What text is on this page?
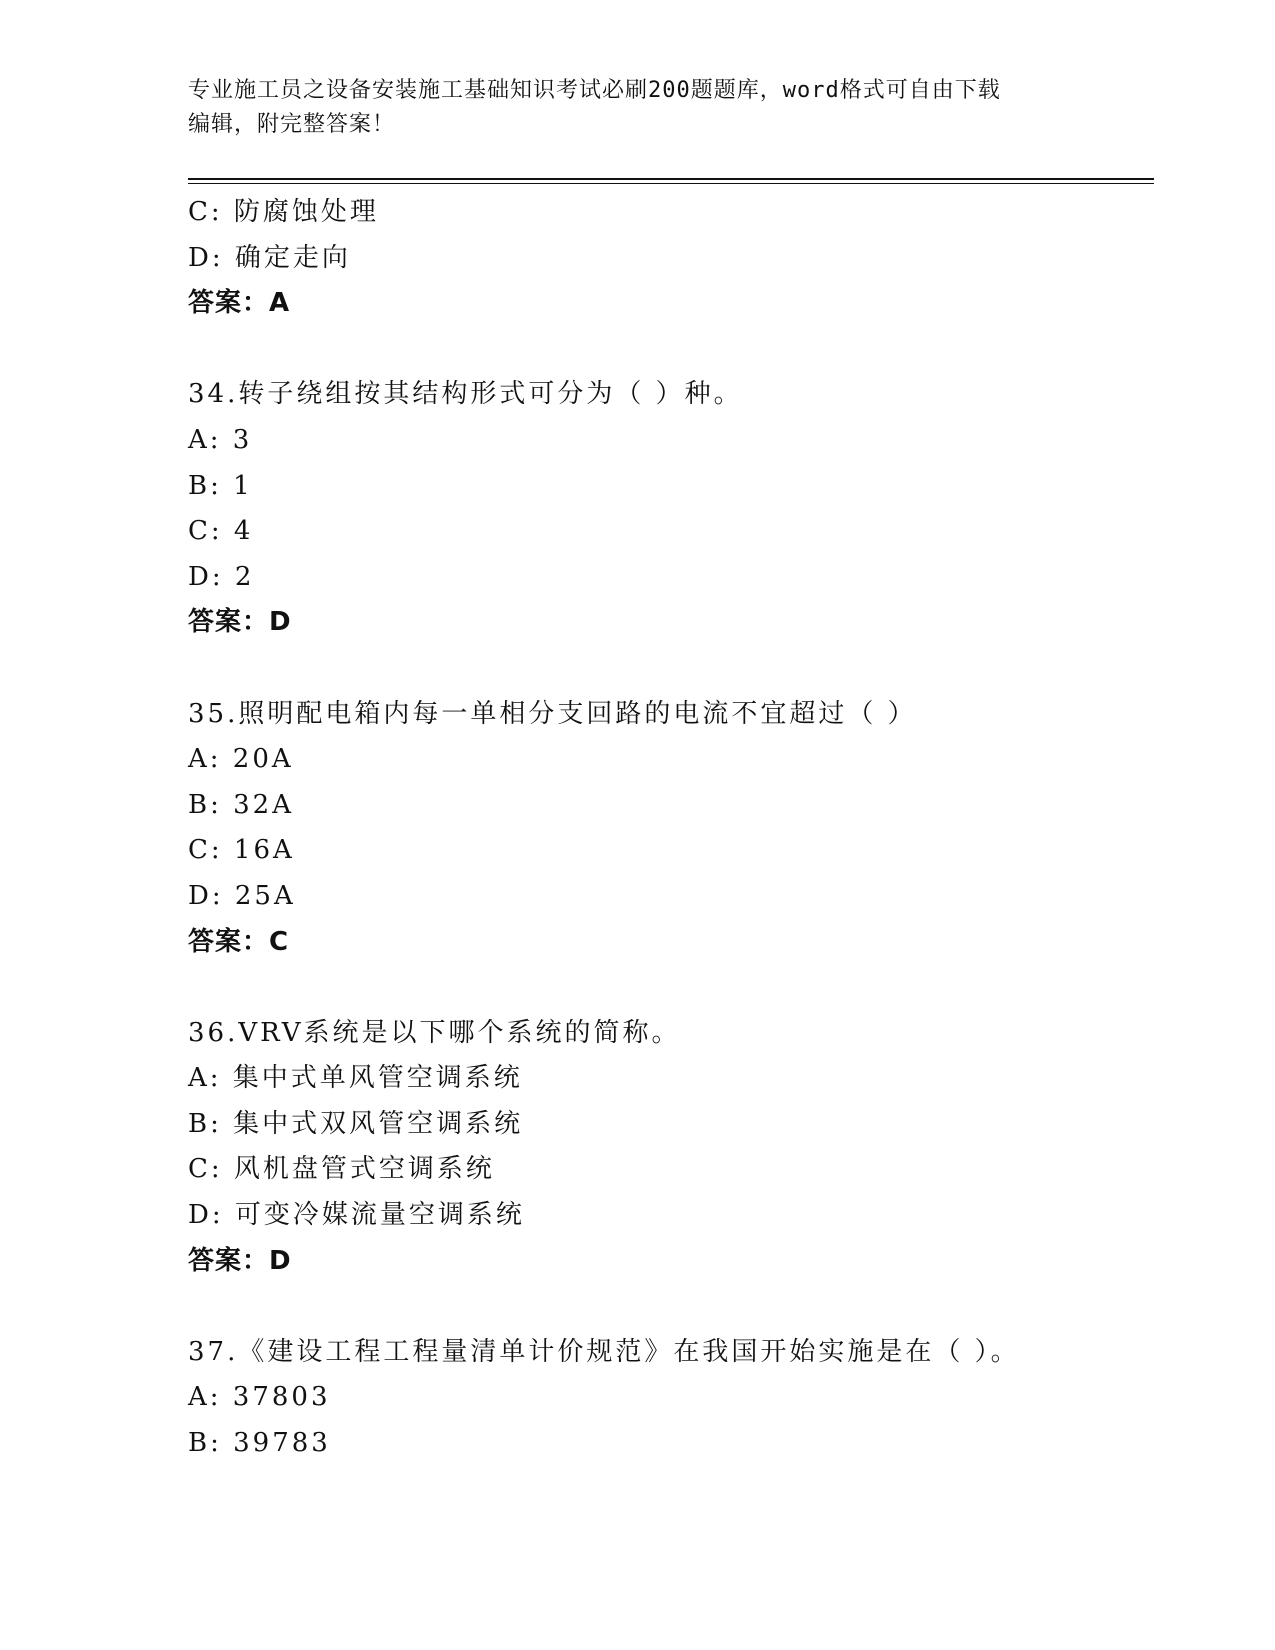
专业施工员之设备安装施工基础知识考试必刷200题题库，word格式可自由下载
编辑，附完整答案！
C: 防腐蚀处理
D: 确定走向
答案：A
34.转子绕组按其结构形式可分为（ ）种。
A: 3
B: 1
C: 4
D: 2
答案：D
35.照明配电箱内每一单相分支回路的电流不宜超过（ ）
A: 20A
B: 32A
C: 16A
D: 25A
答案：C
36.VRV系统是以下哪个系统的简称。
A: 集中式单风管空调系统
B: 集中式双风管空调系统
C: 风机盘管式空调系统
D: 可变冷媒流量空调系统
答案：D
37.《建设工程工程量清单计价规范》在我国开始实施是在（ ）。
A: 37803
B: 39783
